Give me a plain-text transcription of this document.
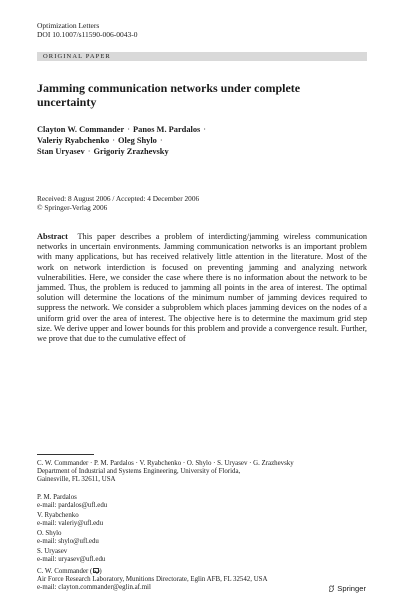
Optimization Letters
DOI 10.1007/s11590-006-0043-0
ORIGINAL PAPER
Jamming communication networks under complete uncertainty
Clayton W. Commander · Panos M. Pardalos ·
Valeriy Ryabchenko · Oleg Shylo ·
Stan Uryasev · Grigoriy Zrazhevsky
Received: 8 August 2006 / Accepted: 4 December 2006
© Springer-Verlag 2006
Abstract This paper describes a problem of interdicting/jamming wireless communication networks in uncertain environments. Jamming communication networks is an important problem with many applications, but has received relatively little attention in the literature. Most of the work on network interdiction is focused on preventing jamming and analyzing network vulnerabilities. Here, we consider the case where there is no information about the network to be jammed. Thus, the problem is reduced to jamming all points in the area of interest. The optimal solution will determine the locations of the minimum number of jamming devices required to suppress the network. We consider a subproblem which places jamming devices on the nodes of a uniform grid over the area of interest. The objective here is to determine the maximum grid step size. We derive upper and lower bounds for this problem and provide a convergence result. Further, we prove that due to the cumulative effect of
C. W. Commander · P. M. Pardalos · V. Ryabchenko · O. Shylo · S. Uryasev · G. Zrazhevsky
Department of Industrial and Systems Engineering, University of Florida,
Gainesville, FL 32611, USA
P. M. Pardalos
e-mail: pardalos@ufl.edu
V. Ryabchenko
e-mail: valeriy@ufl.edu
O. Shylo
e-mail: shylo@ufl.edu
S. Uryasev
e-mail: uryasev@ufl.edu
C. W. Commander ( )
Air Force Research Laboratory, Munitions Directorate, Eglin AFB, FL 32542, USA
e-mail: clayton.commander@eglin.af.mil	Springer
